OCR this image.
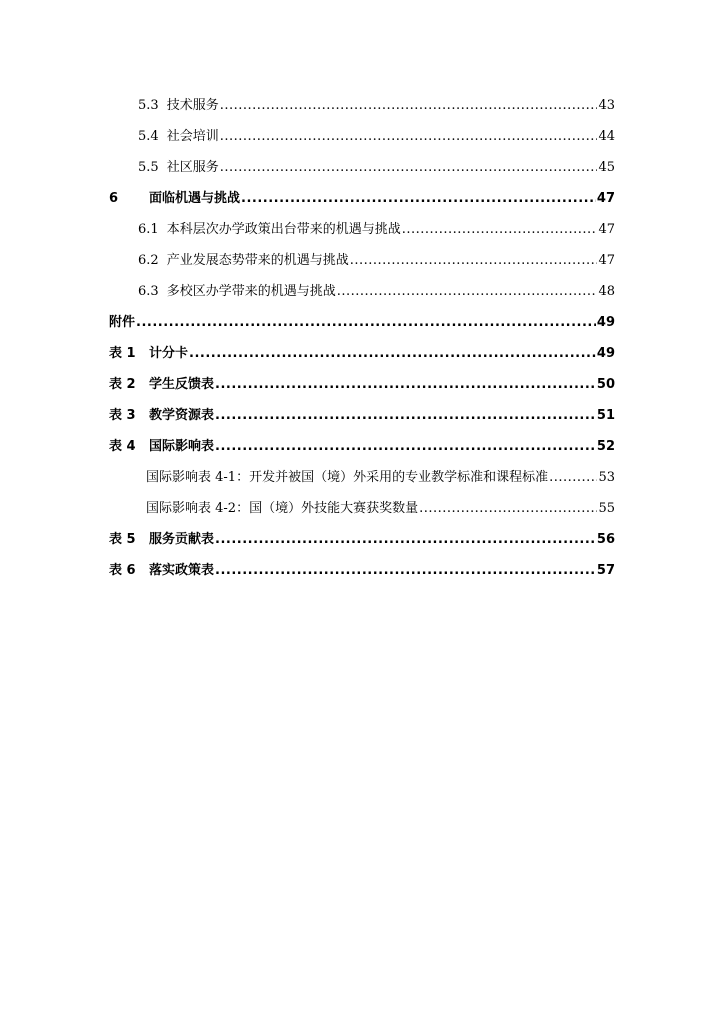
5.3 技术服务 .....	43
5.4 社会培训 .....	44
5.5 社区服务 .....	45
6	面临机遇与挑战 .....	47
6.1 本科层次办学政策出台带来的机遇与挑战 .....	47
6.2 产业发展态势带来的机遇与挑战 .....	47
6.3 多校区办学带来的机遇与挑战 .....	48
附件 .....	49
表 1	计分卡 .....	49
表 2	学生反馈表 .....	50
表 3	教学资源表 .....	51
表 4	国际影响表 .....	52
国际影响表 4-1：开发并被国（境）外采用的专业教学标准和课程标准 .....	53
国际影响表 4-2：国（境）外技能大赛获奖数量 .....	55
表 5	服务贡献表 .....	56
表 6	落实政策表 .....	57
